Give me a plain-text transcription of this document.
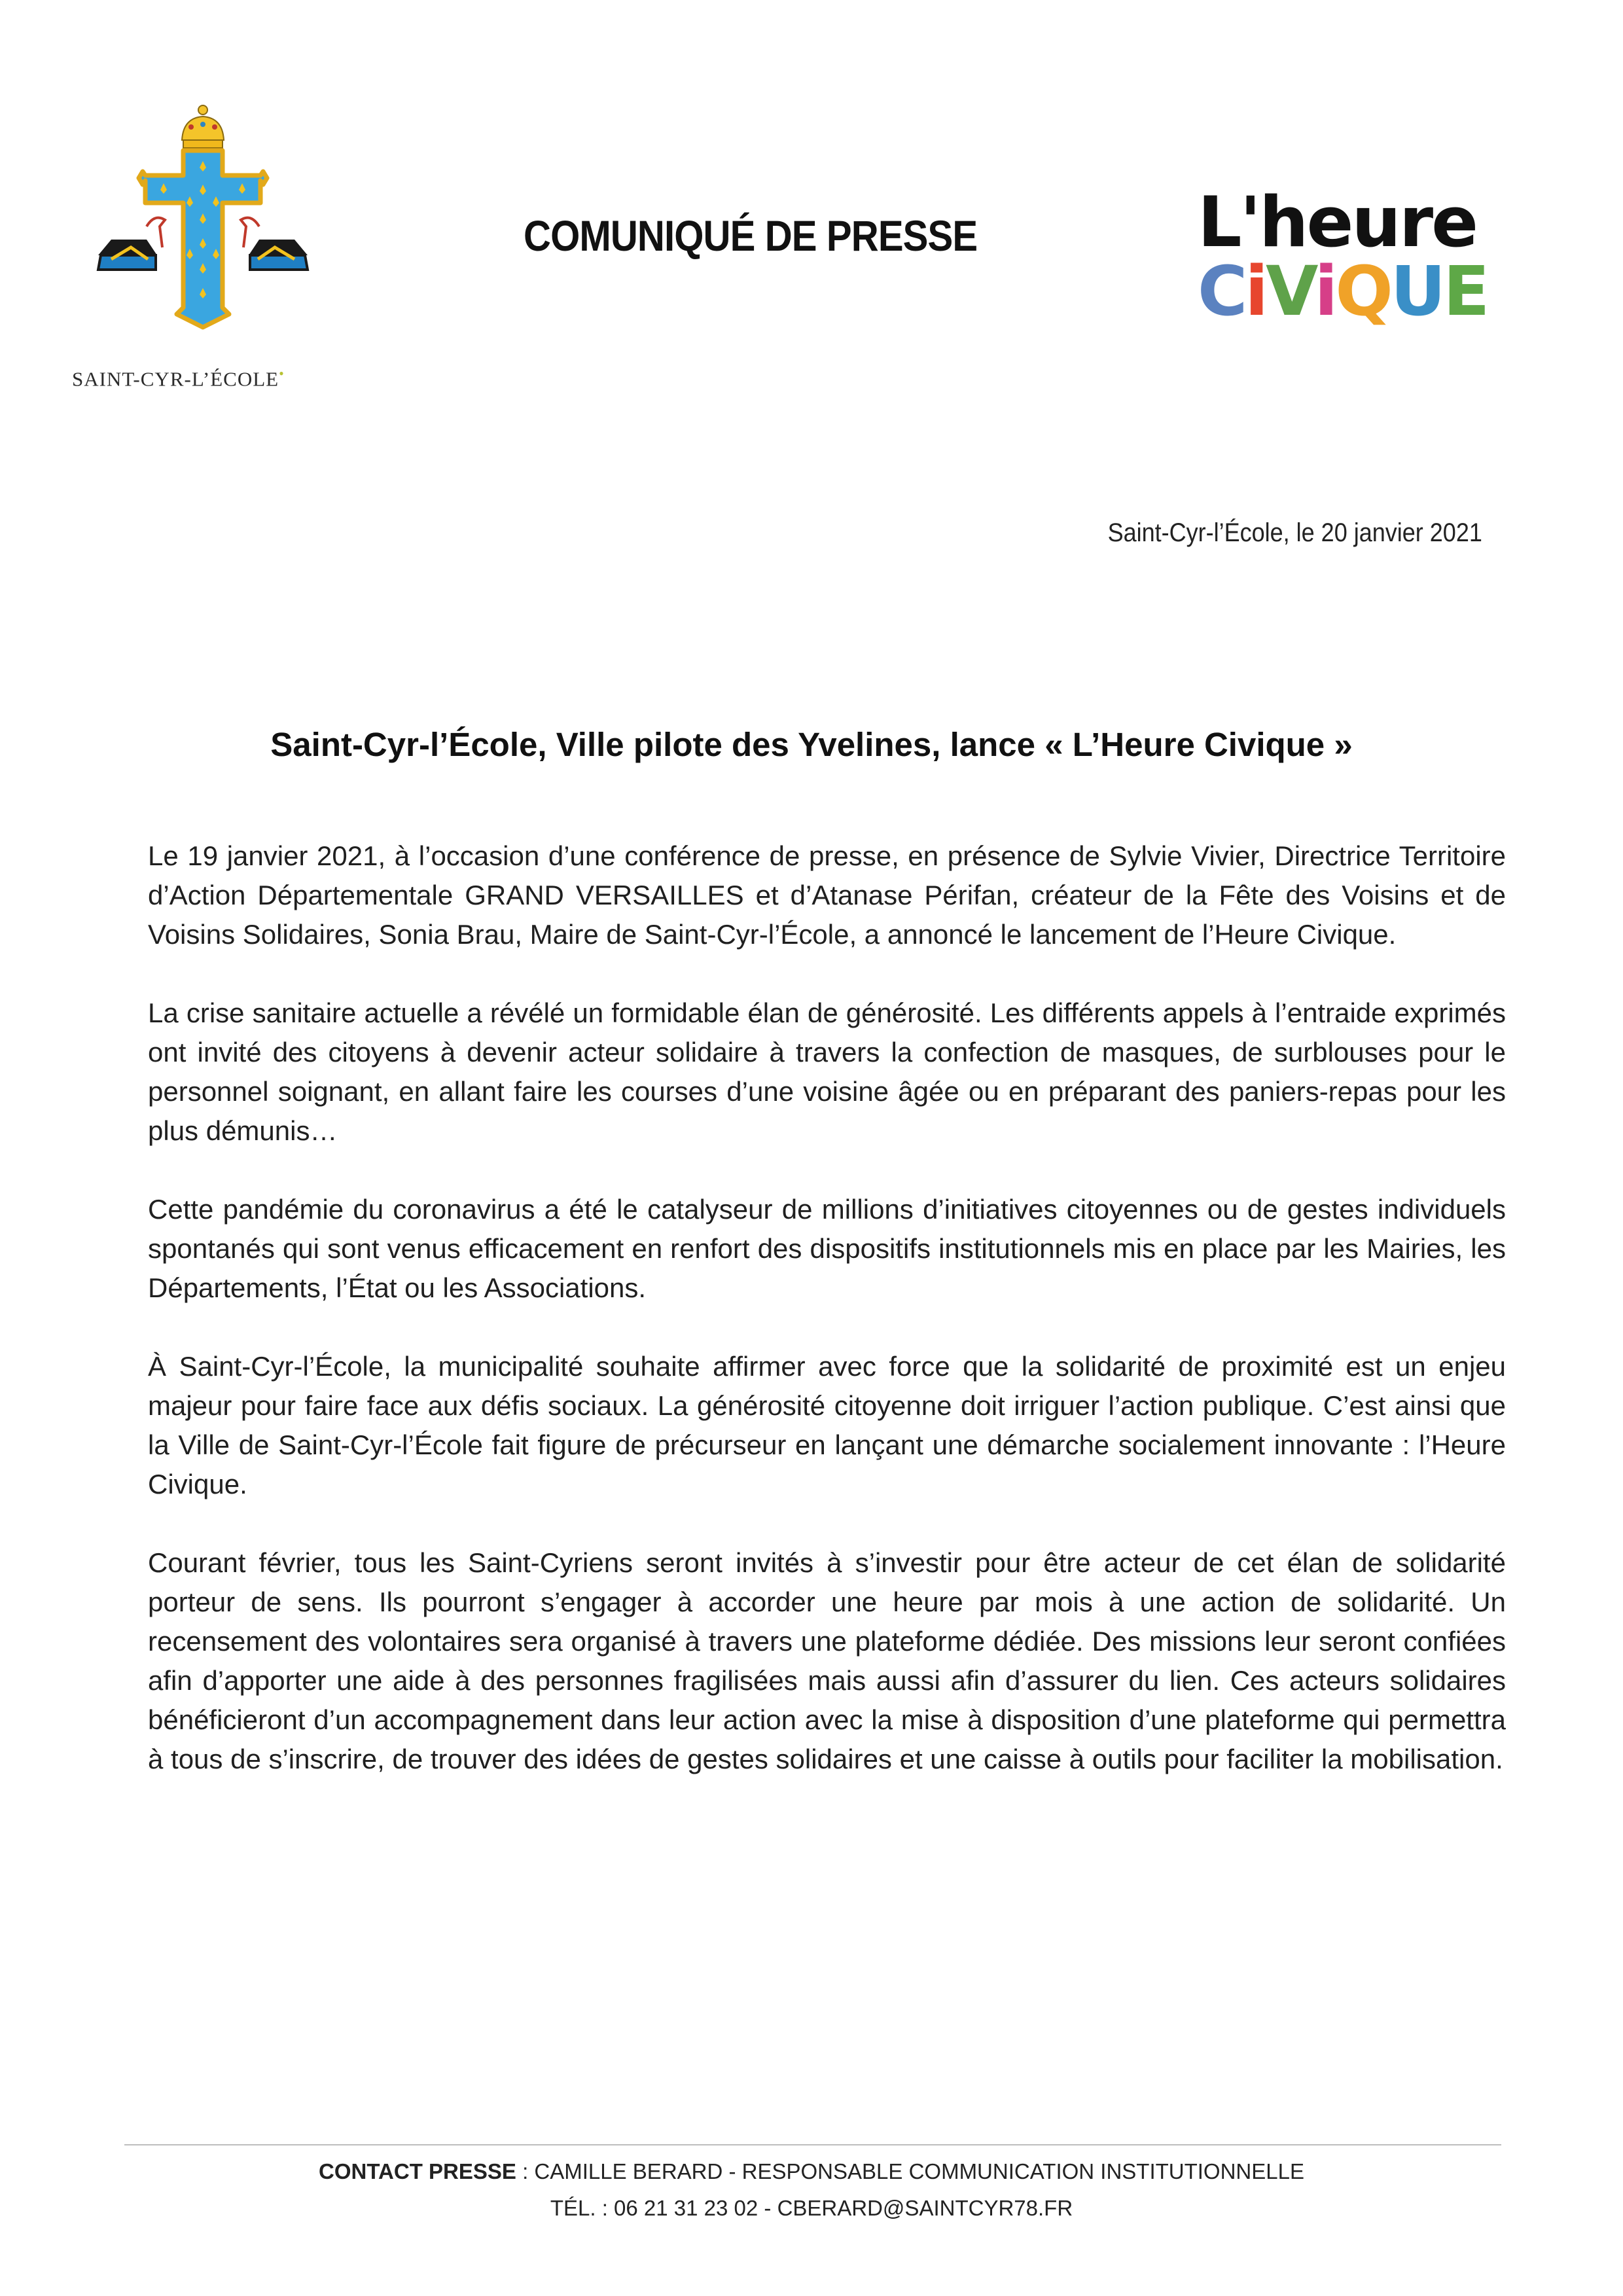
SAINT-CYR-L’ÉCOLE•
COMUNIQUÉ DE PRESSE	L'heure
CiViQUE
Saint-Cyr-l’École, le 20 janvier 2021
Saint-Cyr-l’École, Ville pilote des Yvelines, lance « L’Heure Civique »

Le 19 janvier 2021, à l’occasion d’une conférence de presse, en présence de Sylvie Vivier, Directrice Territoire d’Action Départementale GRAND VERSAILLES et d’Atanase Périfan, créateur de la Fête des Voisins et de Voisins Solidaires, Sonia Brau, Maire de Saint-Cyr-l’École, a annoncé le lancement de l’Heure Civique.

La crise sanitaire actuelle a révélé un formidable élan de générosité. Les différents appels à l’entraide exprimés ont invité des citoyens à devenir acteur solidaire à travers la confection de masques, de surblouses pour le personnel soignant, en allant faire les courses d’une voisine âgée ou en préparant des paniers-repas pour les plus démunis…

Cette pandémie du coronavirus a été le catalyseur de millions d’initiatives citoyennes ou de gestes individuels spontanés qui sont venus efficacement en renfort des dispositifs institutionnels mis en place par les Mairies, les Départements, l’État ou les Associations.

À Saint-Cyr-l’École, la municipalité souhaite affirmer avec force que la solidarité de proximité est un enjeu majeur pour faire face aux défis sociaux. La générosité citoyenne doit irriguer l’action publique. C’est ainsi que la Ville de Saint-Cyr-l’École fait figure de précurseur en lançant une démarche socialement innovante : l’Heure Civique.

Courant février, tous les Saint-Cyriens seront invités à s’investir pour être acteur de cet élan de solidarité porteur de sens. Ils pourront s’engager à accorder une heure par mois à une action de solidarité. Un recensement des volontaires sera organisé à travers une plateforme dédiée. Des missions leur seront confiées afin d’apporter une aide à des personnes fragilisées mais aussi afin d’assurer du lien. Ces acteurs solidaires bénéficieront d’un accompagnement dans leur action avec la mise à disposition d’une plateforme qui permettra à tous de s’inscrire, de trouver des idées de gestes solidaires et une caisse à outils pour faciliter la mobilisation.

CONTACT PRESSE : CAMILLE BERARD - RESPONSABLE COMMUNICATION INSTITUTIONNELLE
TÉL. : 06 21 31 23 02 - CBERARD@SAINTCYR78.FR
